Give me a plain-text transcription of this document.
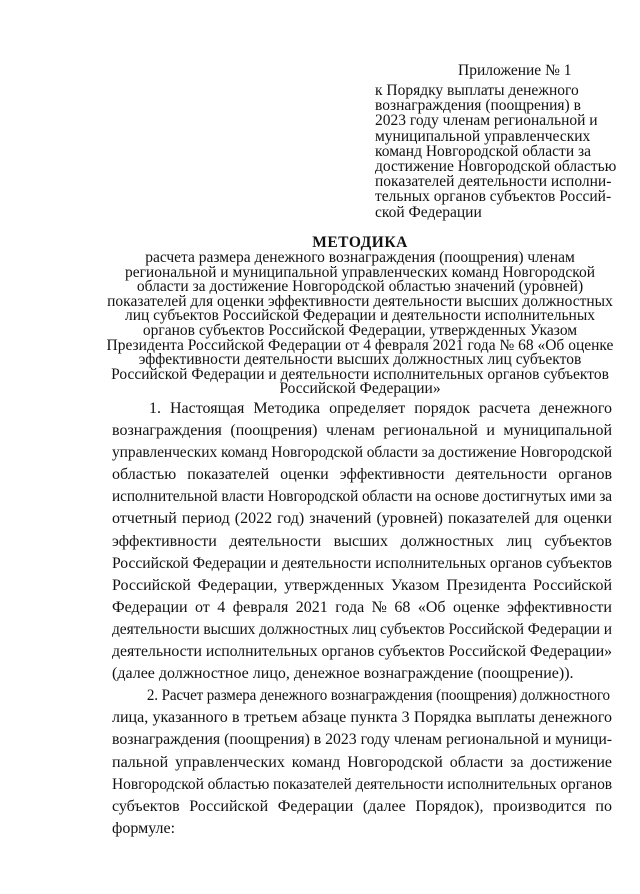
Приложение № 1
к Порядку выплаты денежного
вознаграждения (поощрения) в
2023 году членам региональной и
муниципальной управленческих
команд Новгородской области за
достижение Новгородской областью
показателей деятельности исполни-
тельных органов субъектов Россий-
ской Федерации
МЕТОДИКА
расчета размера денежного вознаграждения (поощрения) членам
региональной и муниципальной управленческих команд Новгородской
области за достижение Новгородской областью значений (уровней)
показателей для оценки эффективности деятельности высших должностных
лиц субъектов Российской Федерации и деятельности исполнительных
органов субъектов Российской Федерации, утвержденных Указом
Президента Российской Федерации от 4 февраля 2021 года № 68 «Об оценке
эффективности деятельности высших должностных лиц субъектов
Российской Федерации и деятельности исполнительных органов субъектов
Российской Федерации»
1. Настоящая Методика определяет порядок расчета денежного
вознаграждения (поощрения) членам региональной и муниципальной
управленческих команд Новгородской области за достижение Новгородской
областью показателей оценки эффективности деятельности органов
исполнительной власти Новгородской области на основе достигнутых ими за
отчетный период (2022 год) значений (уровней) показателей для оценки
эффективности деятельности высших должностных лиц субъектов
Российской Федерации и деятельности исполнительных органов субъектов
Российской Федерации, утвержденных Указом Президента Российской
Федерации от 4 февраля 2021 года № 68 «Об оценке эффективности
деятельности высших должностных лиц субъектов Российской Федерации и
деятельности исполнительных органов субъектов Российской Федерации»
(далее должностное лицо, денежное вознаграждение (поощрение)).
2. Расчет размера денежного вознаграждения (поощрения) должностного
лица, указанного в третьем абзаце пункта 3 Порядка выплаты денежного
вознаграждения (поощрения) в 2023 году членам региональной и муници-
пальной управленческих команд Новгородской области за достижение
Новгородской областью показателей деятельности исполнительных органов
субъектов Российской Федерации (далее Порядок), производится по
формуле:
